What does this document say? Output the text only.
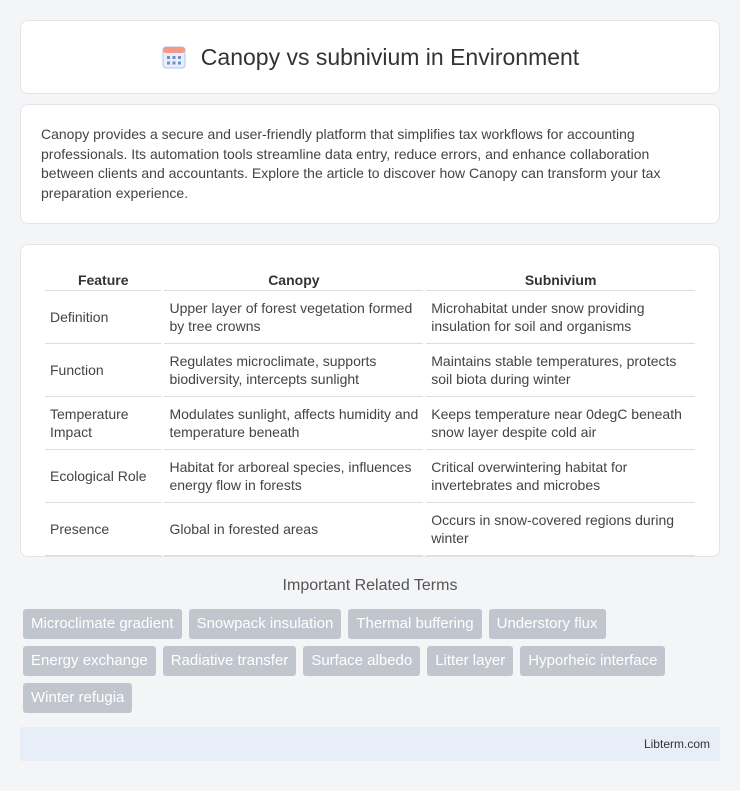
Canopy vs subnivium in Environment

Canopy provides a secure and user-friendly platform that simplifies tax workflows for accounting professionals. Its automation tools streamline data entry, reduce errors, and enhance collaboration between clients and accountants. Explore the article to discover how Canopy can transform your tax preparation experience.

Feature	Canopy	Subnivium
Definition	Upper layer of forest vegetation formed by tree crowns	Microhabitat under snow providing insulation for soil and organisms
Function	Regulates microclimate, supports biodiversity, intercepts sunlight	Maintains stable temperatures, protects soil biota during winter
Temperature Impact	Modulates sunlight, affects humidity and temperature beneath	Keeps temperature near 0degC beneath snow layer despite cold air
Ecological Role	Habitat for arboreal species, influences energy flow in forests	Critical overwintering habitat for invertebrates and microbes
Presence	Global in forested areas	Occurs in snow-covered regions during winter
Important Related Terms
Microclimate gradient	Snowpack insulation	Thermal buffering	Understory flux
Energy exchange	Radiative transfer	Surface albedo	Litter layer	Hyporheic interface
Winter refugia
Libterm.com
